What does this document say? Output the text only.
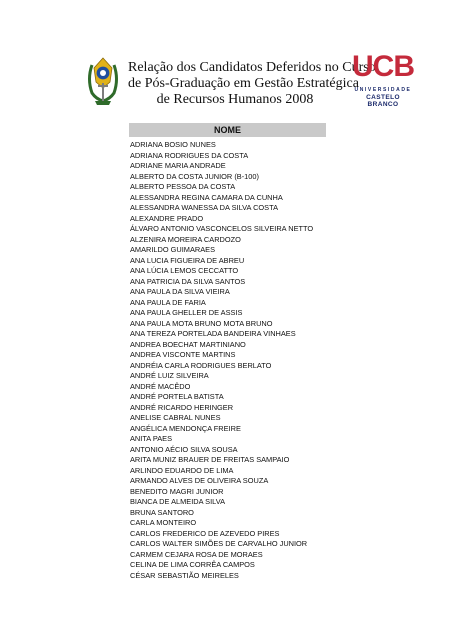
Relação dos Candidatos Deferidos no Curso
de Pós-Graduação em Gestão Estratégica
de Recursos Humanos 2008
UCB
UNIVERSIDADE
CASTELO BRANCO
NOME
ADRIANA BOSIO NUNES
ADRIANA RODRIGUES DA COSTA
ADRIANE MARIA ANDRADE
ALBERTO DA COSTA JUNIOR (B-100)
ALBERTO PESSOA DA COSTA
ALESSANDRA REGINA CAMARA DA CUNHA
ALESSANDRA WANESSA DA SILVA COSTA
ALEXANDRE PRADO
ÁLVARO ANTONIO VASCONCELOS SILVEIRA NETTO
ALZENIRA MOREIRA CARDOZO
AMARILDO GUIMARAES
ANA LUCIA FIGUEIRA DE ABREU
ANA LÚCIA LEMOS CECCATTO
ANA PATRICIA DA SILVA SANTOS
ANA PAULA DA SILVA VIEIRA
ANA PAULA DE FARIA
ANA PAULA GHELLER DE ASSIS
ANA PAULA MOTA BRUNO MOTA BRUNO
ANA TEREZA PORTELADA BANDEIRA VINHAES
ANDREA BOECHAT MARTINIANO
ANDREA VISCONTE MARTINS
ANDRÉIA CARLA RODRIGUES BERLATO
ANDRÉ LUIZ SILVEIRA
ANDRÉ MACÊDO
ANDRÉ PORTELA BATISTA
ANDRÉ RICARDO HERINGER
ANELISE CABRAL NUNES
ANGÉLICA MENDONÇA FREIRE
ANITA PAES
ANTONIO AÉCIO SILVA SOUSA
ARITA MUNIZ BRAUER DE FREITAS SAMPAIO
ARLINDO EDUARDO DE LIMA
ARMANDO ALVES DE OLIVEIRA SOUZA
BENEDITO MAGRI JUNIOR
BIANCA DE ALMEIDA SILVA
BRUNA SANTORO
CARLA MONTEIRO
CARLOS FREDERICO DE AZEVEDO PIRES
CARLOS WALTER SIMÕES DE CARVALHO JUNIOR
CARMEM CEJARA ROSA DE MORAES
CELINA DE LIMA CORRÊA CAMPOS
CÉSAR SEBASTIÃO MEIRELES
